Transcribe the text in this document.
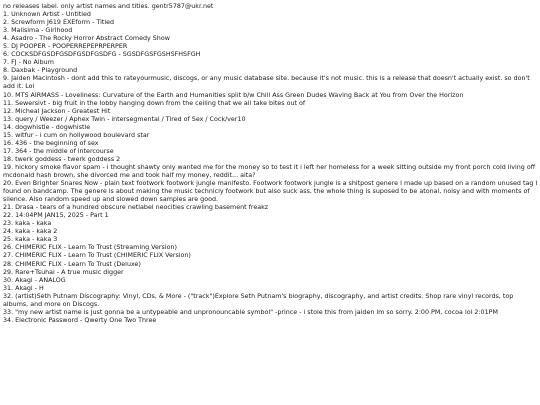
no releases label. only artist names and titles. gentr5787@ukr.net

1. Unknown Artist - Untitled

2. Screwform J619 EXEform - Titled

3. Malisima - Girlhood

4. Asadro - The Rocky Horror Abstract Comedy Show

5. DJ POOPER - POOPERREPEPRPERPER

6. COCKSDFGSDFGSDFGSDFGSDFG - SGSDFGSFGSHSFHSFGH

7. FJ - No Album

8. Daxbak - Playground

9. Jaiden Macintosh - dont add this to rateyourmusic, discogs, or any music database site. because it's not music. this is a release that doesn't actually exist. so don't add it. Lol

10. MTS AIRMASS - Loveliness: Curvature of the Earth and Humanities split b/w Chill Ass Green Dudes Waving Back at You from Over the Horizon

11. Sewersivt - big fruit in the lobby hanging down from the ceiling that we all take bites out of

12. Micheal Jackson - Greatest Hit

13. query / Weezer / Aphex Twin - intersegmental / Tired of Sex / Cock/ver10

14. dogwhistle - dogwhistle

15. witfur - i cum on hollywood boulevard star

16. 436 - the beginning of sex

17. 364 - the middle of intercourse

18. twerk goddess - twerk goddess 2

19. hickory smoke flavor spam - i thought shawty only wanted me for the money so to test it i left her homeless for a week sitting outside my front porch cold living off mcdonald hash brown, she divorced me and took half my money, reddit... aita?

20. Even Brighter Snares Now - plain text footwork footwork jungle manifesto. Footwork footwork jungle is a shitpost genere I made up based on a random unused tag I found on bandcamp. The genere is about making the music technicly footwork but also suck ass, the whole thing is suposed to be atonal, noisy and with moments of silence. Also random speed up and slowed down samples are good.

21. Drasa - tears of a hundred obscure netlabel neocities crawling basement freakz

22. 14:04PM JAN15, 2025 - Part 1

23. kaka - kaka

24. kaka - kaka 2

25. kaka - kaka 3

26. CHIMERIC FLIX - Learn To Trust (Streaming Version)

27. CHIMERIC FLIX - Learn To Trust (CHIMERIC FLIX Version)

28. CHIMERIC FLIX - Learn To Trust (Deluxe)

29. Rare+Tsuhai - A true music digger

30. Akagi - ANALOG

31. Akagi - H

32. (artist)Seth Putnam Discography: Vinyl, CDs, & More - ("track")Explore Seth Putnam's biography, discography, and artist credits. Shop rare vinyl records, top albums, and more on Discogs.

33. "my new artist name is just gonna be a untypeable and unpronouncable symbol" -prince - i stole this from jaiden im so sorry. 2:00 PM, cocoa lol 2:01PM

34. Electronic Password - Qwerty One Two Three
